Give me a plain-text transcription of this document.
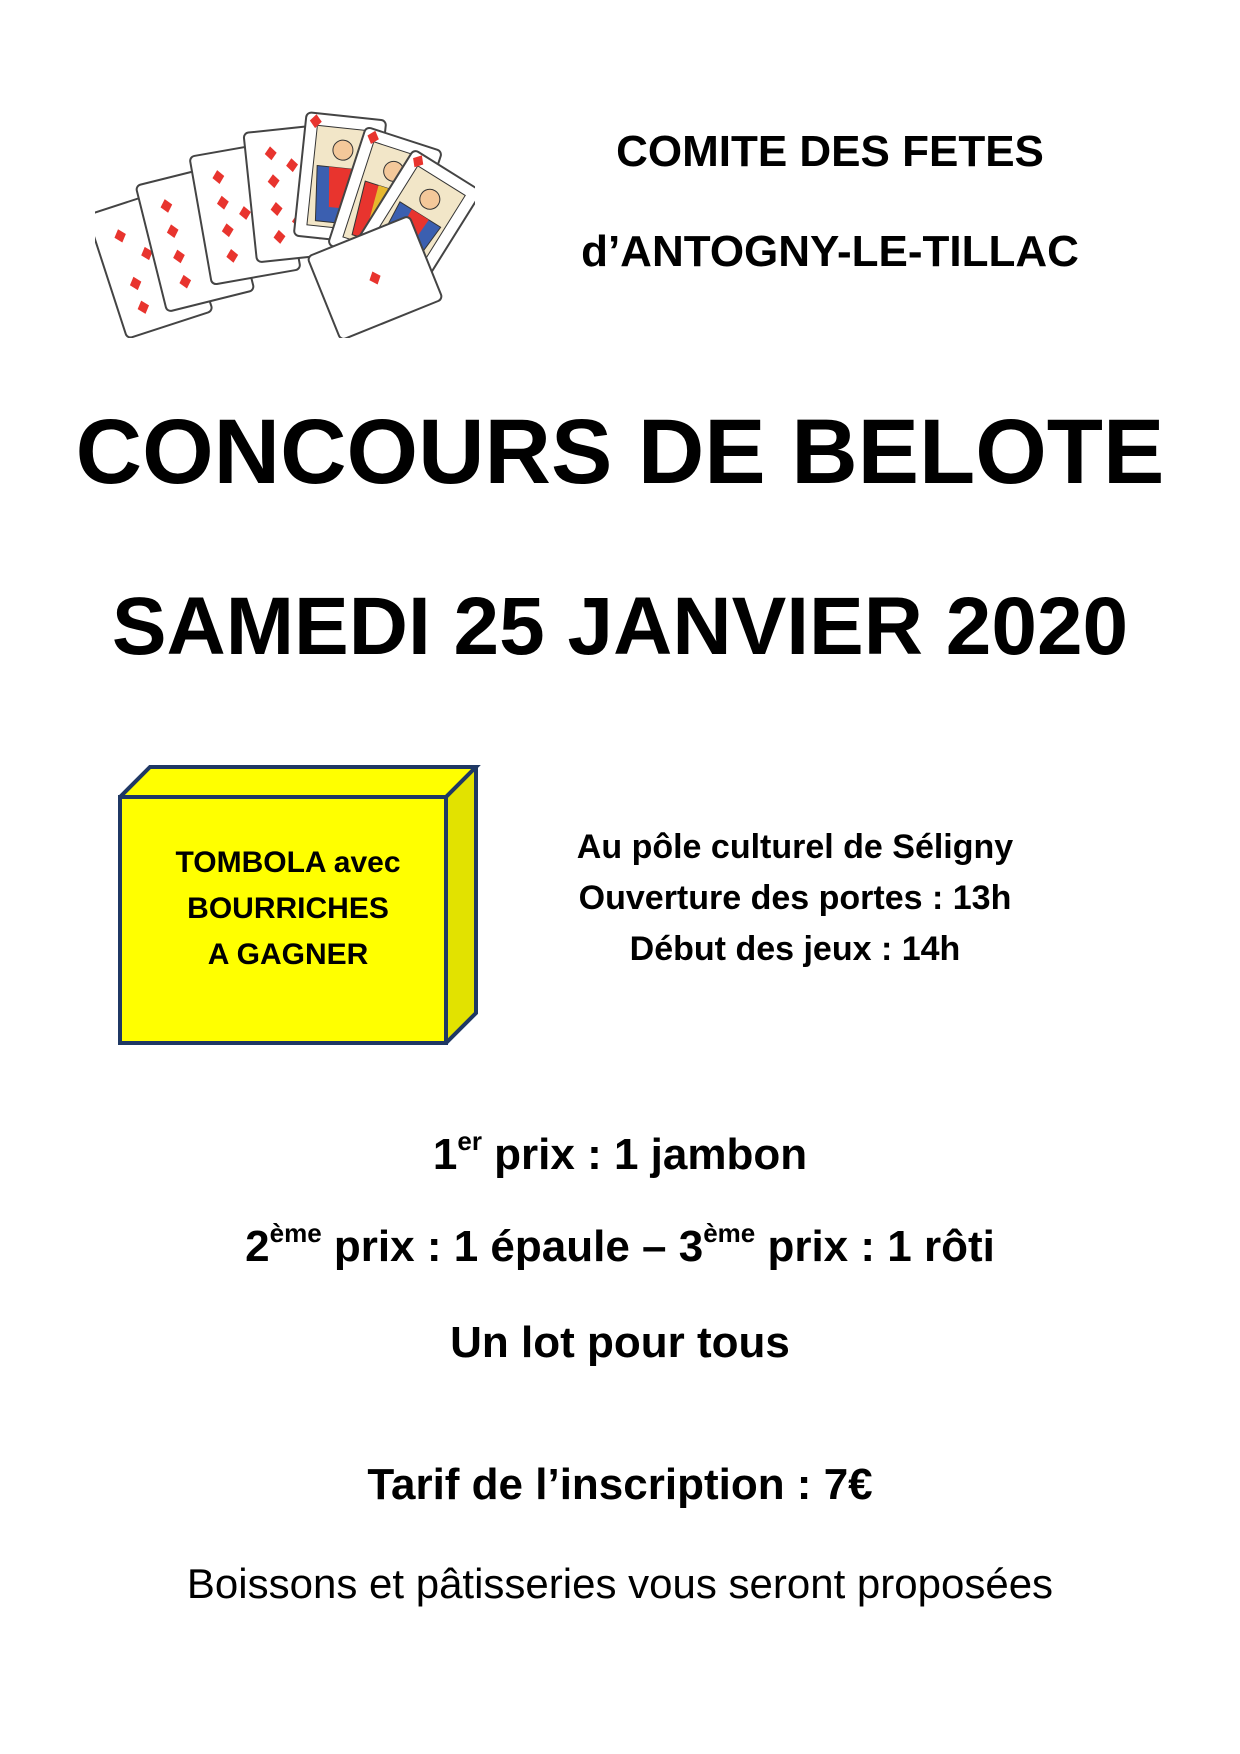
COMITE DES FETES
d’ANTOGNY-LE-TILLAC
CONCOURS DE BELOTE
SAMEDI 25 JANVIER 2020
TOMBOLA avec
BOURRICHES
A GAGNER
Au pôle culturel de Séligny
Ouverture des portes : 13h
Début des jeux : 14h
1er prix : 1 jambon
2ème prix : 1 épaule – 3ème prix : 1 rôti
Un lot pour tous
Tarif de l’inscription : 7€
Boissons et pâtisseries vous seront proposées
